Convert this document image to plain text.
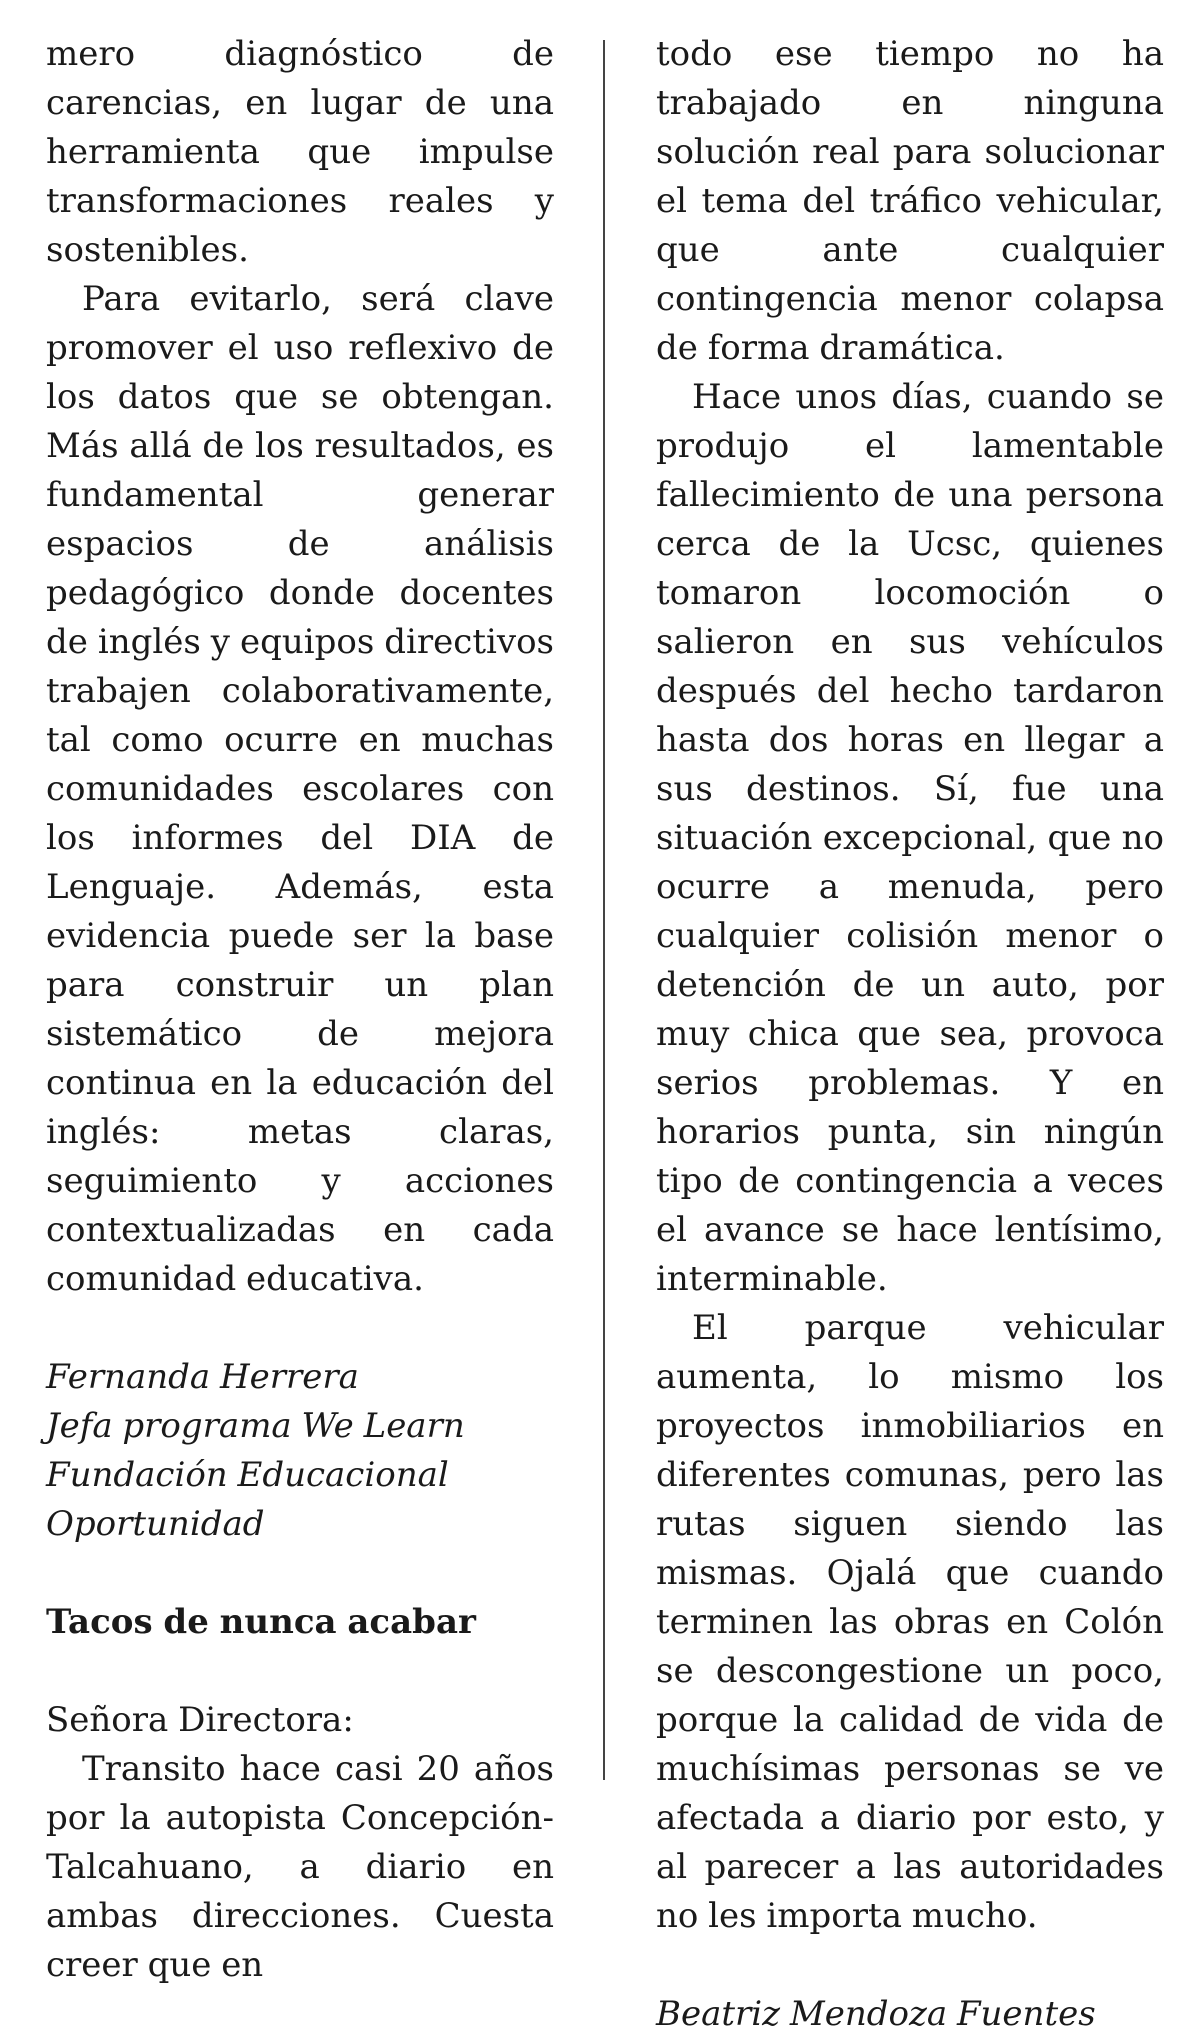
mero diagnóstico de carencias, en lugar de una herramienta que impulse transformaciones reales y sostenibles.

Para evitarlo, será clave promover el uso reflexivo de los datos que se obtengan. Más allá de los resultados, es fundamental generar espacios de análisis pedagógico donde docentes de inglés y equipos directivos trabajen colaborativamente, tal como ocurre en muchas comunidades escolares con los informes del DIA de Lenguaje. Además, esta evidencia puede ser la base para construir un plan sistemático de mejora continua en la educación del inglés: metas claras, seguimiento y acciones contextualizadas en cada comunidad educativa.

Fernanda Herrera

Jefa programa We Learn

Fundación Educacional Oportunidad

Tacos de nunca acabar

Señora Directora:

Transito hace casi 20 años por la autopista Concepción-Talcahuano, a diario en ambas direcciones. Cuesta creer que en

todo ese tiempo no ha trabajado en ninguna solución real para solucionar el tema del tráfico vehicular, que ante cualquier contingencia menor colapsa de forma dramática.

Hace unos días, cuando se produjo el lamentable fallecimiento de una persona cerca de la Ucsc, quienes tomaron locomoción o salieron en sus vehículos después del hecho tardaron hasta dos horas en llegar a sus destinos. Sí, fue una situación excepcional, que no ocurre a menuda, pero cualquier colisión menor o detención de un auto, por muy chica que sea, provoca serios problemas. Y en horarios punta, sin ningún tipo de contingencia a veces el avance se hace lentísimo, interminable.

El parque vehicular aumenta, lo mismo los proyectos inmobiliarios en diferentes comunas, pero las rutas siguen siendo las mismas. Ojalá que cuando terminen las obras en Colón se descongestione un poco, porque la calidad de vida de muchísimas personas se ve afectada a diario por esto, y al parecer a las autoridades no les importa mucho.

Beatriz Mendoza Fuentes
